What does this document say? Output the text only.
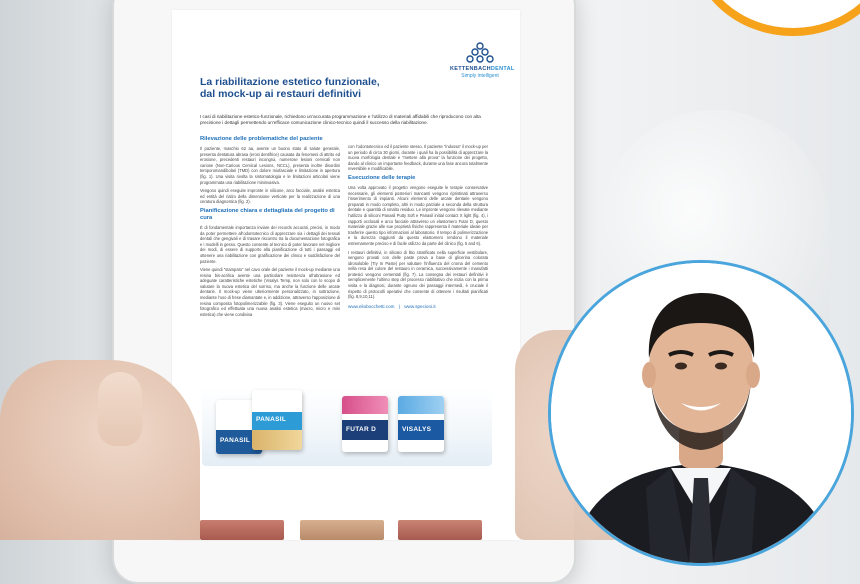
KETTENBACHDENTAL
Simply intelligent
La riabilitazione estetico funzionale,
dal mock-up ai restauri definitivi
I casi di riabilitazione estetico-funzionale, richiedono un’accurata programmazione e l’utilizzo di materiali affidabili che riproducono con alta precisione i dettagli permettendo un’efficace comunicazione clinico-tecnico quindi il successo della riabilitazione.
Rilevazione delle problematiche del paziente

Il paziente, maschio 62 aa, avente un buono stato di salute generale, presenta dentatura abrasa (erosi dentifrice) causata da fenomeni di attrito ed erosione, precedenti restauri incongrui, numerose lesioni cervicali non cariose (Non-Carious Cervical Lesions, NCCL), presenta inoltre disordini temporomandibolari (TMD) con dolore miofasciale e limitazione in apertura (fig. 1). Una visita rivolta la sintomatologia e le limitazioni articolari viene programmata una riabilitazione mininvasiva.

Vengono quindi eseguite impronte in silicone, arco facciale, analisi estetica ed entità del rialzo della dimensione verticale per la realizzazione di una ceratura diagnostica (fig. 2).

Pianificazione chiara e dettagliata del progetto di cura

È di fondamentale importanza inviare dei records accurati, precisi, in modo da poter permettere all’odontotecnico di apprezzare sia i dettagli dei tessuti dentali che gengivali e di trasare riscontro tra la documentazione fotografica e i modelli in gesso. Questo consente al tecnico di poter lavorare nel migliore dei modi, di essere di supporto alla pianificazione di tutti i passaggi ed ottenere una riabilitazione con gratificazione dei clinico e soddisfazione del paziente.

Viene quindi “stampato” nel cavo orale del paziente il mock-up mediante una resina bis-acrilica avente una particolare resistenza all’abrasione ed adeguate caratteristiche estetiche (Visalys Temp, non solo con lo scopo di valutare la nuova estetica del sorriso, ma anche la funzione delle arcate dentarie. Il mock-up viene ulteriormente personalizzato, in sottrazione, mediante l’uso di frese diamantate e, in addizione, attraverso l’apposizione di resina composita fotopolimerizzabile (fig. 3). Viene eseguito un nuovo set fotografico ed effettuata una nuova analisi estetica (macro, micro e mini estetica) che viene condivisa

con l’odontotecnico ed il paziente stesso. Il paziente “indossa” il mock-up per un periodo di circa 30 giorni, durante i quali ha la possibilità di apprezzare la nuova morfologia dentale e “mettere alla prova” la funzione dei progetto, dando al clinico un importante feedback, durante una fase ancora totalmente reversibile e modificabile.

Esecuzione delle terapie

Una volta approvato il progetto vengono eseguite le terapie conservative necessarie, gli elementi posteriori mancanti vengono ripristinati attraverso l’inserimento di impianti. Alcuni elementi delle arcate dentarie vengono preparati in modo completo, altri in modo parziale a seconda della struttura dentale e quantità di smalto residuo. Le impronte vengono rilevate mediante l’utilizzo di siliconi Panasil Putty Soft e Panasil initial contact X light (fig. 4), i rapporti occlusali e arco facciale attraverso un elastomero Futar D, questo materiale grazie alle sue proprietà fisiche rappresenta il materiale ideale per trasferire questo tipo informazioni al laboratorio. Il tempo di polimerizzazione e la durezza raggiunti da questo elastomero rendono il materiale estremamente preciso e di facile utilizzo da parte del clinico (fig. 5 and 6).

I restauri definitivi, in silicato di litio stratificato nella superficie vestibolare, vengono provati con delle paste prova a base di glicerina colorata idrosolubile (Try In Paste) per valutare l’influenza del croma del cemento nella resa del colore del restauro in ceramica, successivamente i manufatti protesici vengono cementati (fig. 7). La consegna dei restauri definitivi è semplicemente l’ultimo step del processo riabilitativo che inizia con la prima visita e la diagnosi, durante ognuno dei passaggi intermedi, è cruciale il rispetto di protocolli operativi che consente di ottenere i risultati pianificati (fig. 8,9,10,11).

www.eliobocchetti.com | www.specioni.it
PANASIL
PANASIL
FUTAR D	VISALYS
